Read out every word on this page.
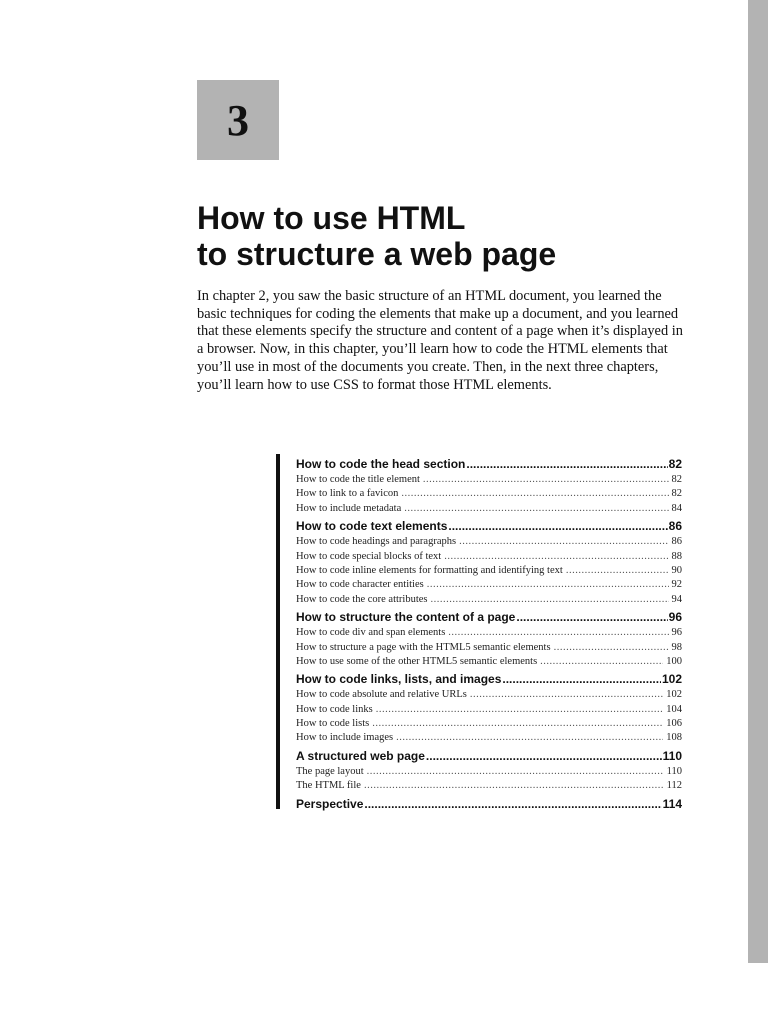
3
How to use HTML
to structure a web page

In chapter 2, you saw the basic structure of an HTML document, you learned the basic techniques for coding the elements that make up a document, and you learned that these elements specify the structure and content of a page when it’s displayed in a browser. Now, in this chapter, you’ll learn how to code the HTML elements that you’ll use in most of the documents you create. Then, in the next three chapters, you’ll learn how to use CSS to format those HTML elements.

How to code the head section .....	82
How to code the title element .....	82
How to link to a favicon .....	82
How to include metadata .....	84
How to code text elements .....	86
How to code headings and paragraphs .....	86
How to code special blocks of text .....	88
How to code inline elements for formatting and identifying text .....	90
How to code character entities .....	92
How to code the core attributes .....	94
How to structure the content of a page .....	96
How to code div and span elements .....	96
How to structure a page with the HTML5 semantic elements .....	98
How to use some of the other HTML5 semantic elements .....	100
How to code links, lists, and images .....	102
How to code absolute and relative URLs .....	102
How to code links .....	104
How to code lists .....	106
How to include images .....	108
A structured web page .....	110
The page layout .....	110
The HTML file .....	112
Perspective .....	114
